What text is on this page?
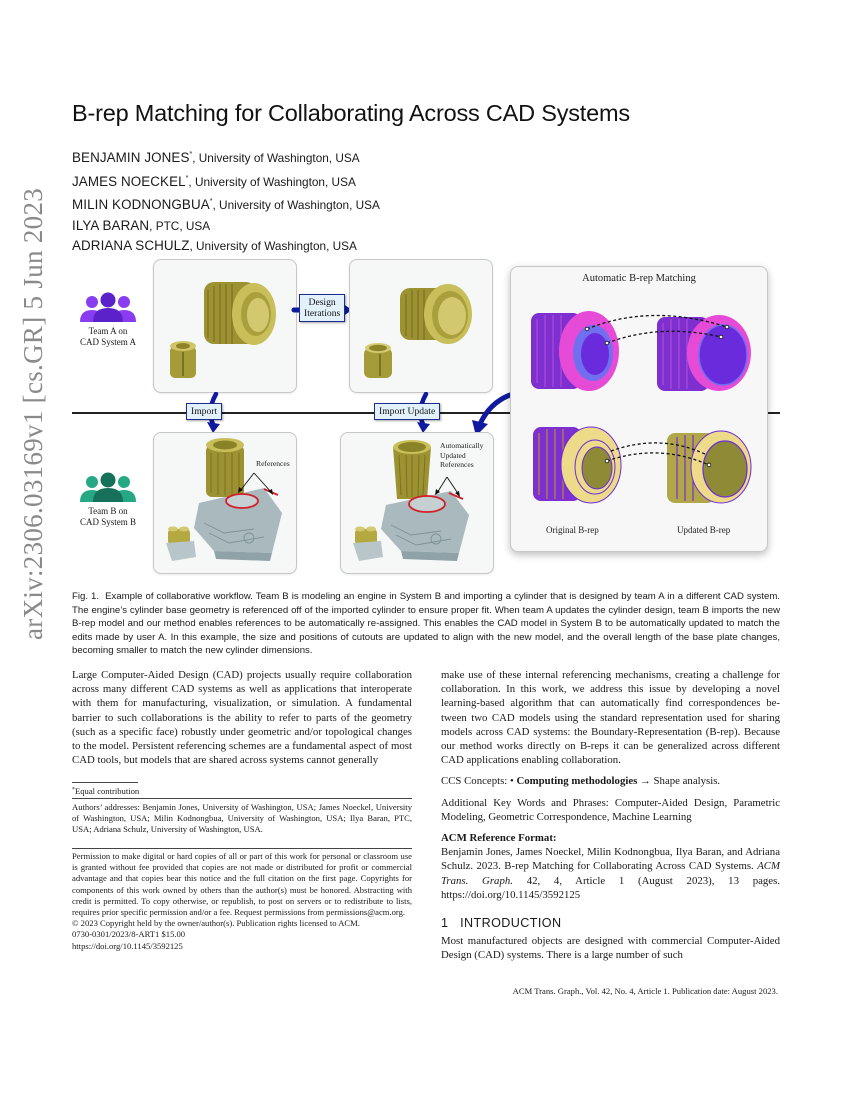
arXiv:2306.03169v1 [cs.GR] 5 Jun 2023
B-rep Matching for Collaborating Across CAD Systems
BENJAMIN JONES*, University of Washington, USA
JAMES NOECKEL*, University of Washington, USA
MILIN KODNONGBUA*, University of Washington, USA
ILYA BARAN, PTC, USA
ADRIANA SCHULZ, University of Washington, USA
Team A on
CAD System A
Team B on
CAD System B
Design
Iterations
Import	Import Update
References
Automatically
Updated
References
Automatic B-rep Matching
Original B-rep	Updated B-rep
Fig. 1. Example of collaborative workflow. Team B is modeling an engine in System B and importing a cylinder that is designed by team A in a different CAD system. The engine’s cylinder base geometry is referenced off of the imported cylinder to ensure proper fit. When team A updates the cylinder design, team B imports the new B-rep model and our method enables references to be automatically re-assigned. This enables the CAD model in System B to be automatically updated to match the edits made by user A. In this example, the size and positions of cutouts are updated to align with the new model, and the overall length of the base plate changes, becoming smaller to match the new cylinder dimensions.

Large Computer-Aided Design (CAD) projects usually require collaboration across many different CAD systems as well as applications that interoperate with them for manufacturing, visualization, or simulation. A fundamental barrier to such collaborations is the ability to refer to parts of the geometry (such as a specific face) robustly under geometric and/or topological changes to the model. Persistent referencing schemes are a fundamental aspect of most CAD tools, but models that are shared across systems cannot generally

*Equal contribution
Authors’ addresses: Benjamin Jones, University of Washington, USA; James Noeckel, University of Washington, USA; Milin Kodnongbua, University of Washington, USA; Ilya Baran, PTC, USA; Adriana Schulz, University of Washington, USA.
Permission to make digital or hard copies of all or part of this work for personal or classroom use is granted without fee provided that copies are not made or distributed for profit or commercial advantage and that copies bear this notice and the full citation on the first page. Copyrights for components of this work owned by others than the author(s) must be honored. Abstracting with credit is permitted. To copy otherwise, or republish, to post on servers or to redistribute to lists, requires prior specific permission and/or a fee. Request permissions from permissions@acm.org.
© 2023 Copyright held by the owner/author(s). Publication rights licensed to ACM.
0730-0301/2023/8-ART1 $15.00
https://doi.org/10.1145/3592125

make use of these internal referencing mechanisms, creating a challenge for collaboration. In this work, we address this issue by developing a novel learning-based algorithm that can automatically find correspondences be-tween two CAD models using the standard representation used for sharing models across CAD systems: the Boundary-Representation (B-rep). Because our method works directly on B-reps it can be generalized across different CAD applications enabling collaboration.

CCS Concepts: • Computing methodologies → Shape analysis.

Additional Key Words and Phrases: Computer-Aided Design, Parametric Modeling, Geometric Correspondence, Machine Learning

ACM Reference Format:

Benjamin Jones, James Noeckel, Milin Kodnongbua, Ilya Baran, and Adriana Schulz. 2023. B-rep Matching for Collaborating Across CAD Systems. ACM Trans. Graph. 42, 4, Article 1 (August 2023), 13 pages. https://doi.org/10.1145/3592125

1 INTRODUCTION

Most manufactured objects are designed with commercial Computer-Aided Design (CAD) systems. There is a large number of such

ACM Trans. Graph., Vol. 42, No. 4, Article 1. Publication date: August 2023.
